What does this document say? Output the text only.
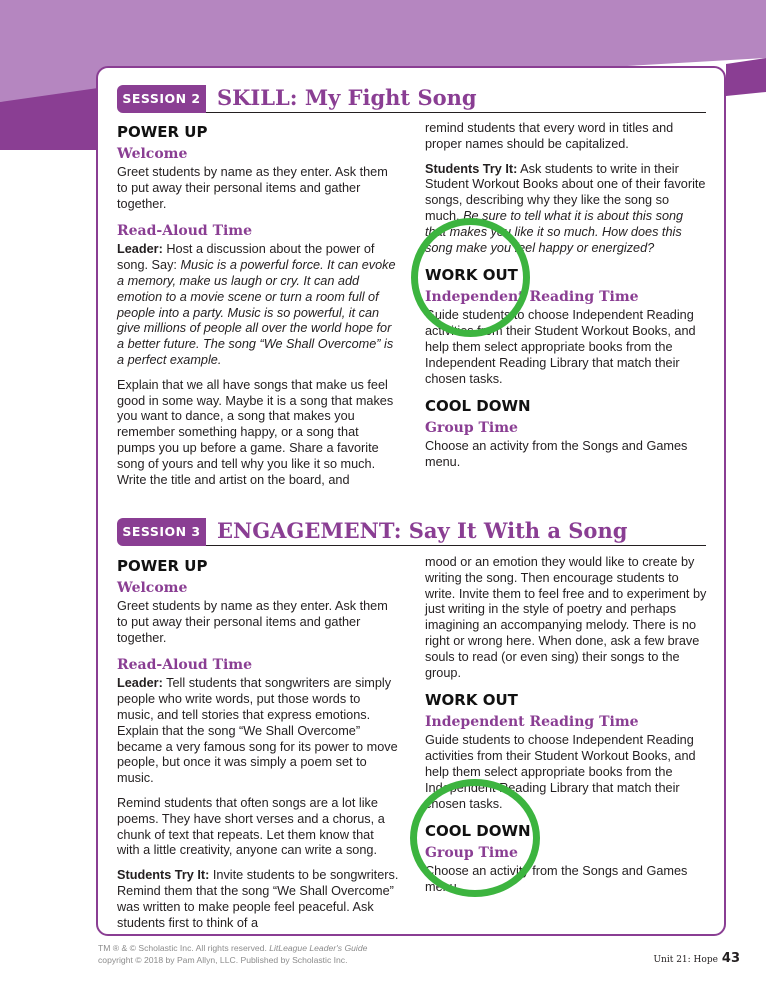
SESSION 2 SKILL: My Fight Song
POWER UP
Welcome

Greet students by name as they enter. Ask them to put away their personal items and gather together.

Read-Aloud Time

Leader: Host a discussion about the power of song. Say: Music is a powerful force. It can evoke a memory, make us laugh or cry. It can add emotion to a movie scene or turn a room full of people into a party. Music is so powerful, it can give millions of people all over the world hope for a better future. The song “We Shall Overcome” is a perfect example.

Explain that we all have songs that make us feel good in some way. Maybe it is a song that makes you want to dance, a song that makes you remember something happy, or a song that pumps you up before a game. Share a favorite song of yours and tell why you like it so much. Write the title and artist on the board, and

remind students that every word in titles and proper names should be capitalized.

Students Try It: Ask students to write in their Student Workout Books about one of their favorite songs, describing why they like the song so much. Be sure to tell what it is about this song that makes you like it so much. How does this song make you feel happy or energized?

WORK OUT
Independent Reading Time

Guide students to choose Independent Reading activities from their Student Workout Books, and help them select appropriate books from the Independent Reading Library that match their chosen tasks.

COOL DOWN
Group Time

Choose an activity from the Songs and Games menu.

SESSION 3 ENGAGEMENT: Say It With a Song
POWER UP
Welcome

Greet students by name as they enter. Ask them to put away their personal items and gather together.

Read-Aloud Time

Leader: Tell students that songwriters are simply people who write words, put those words to music, and tell stories that express emotions. Explain that the song “We Shall Overcome” became a very famous song for its power to move people, but once it was simply a poem set to music.

Remind students that often songs are a lot like poems. They have short verses and a chorus, a chunk of text that repeats. Let them know that with a little creativity, anyone can write a song.

Students Try It: Invite students to be songwriters. Remind them that the song “We Shall Overcome” was written to make people feel peaceful. Ask students first to think of a

mood or an emotion they would like to create by writing the song. Then encourage students to write. Invite them to feel free and to experiment by just writing in the style of poetry and perhaps imagining an accompanying melody. There is no right or wrong here. When done, ask a few brave souls to read (or even sing) their songs to the group.

WORK OUT
Independent Reading Time

Guide students to choose Independent Reading activities from their Student Workout Books, and help them select appropriate books from the Independent Reading Library that match their chosen tasks.

COOL DOWN
Group Time

Choose an activity from the Songs and Games menu.

TM ® & © Scholastic Inc. All rights reserved. LitLeague Leader's Guide
copyright © 2018 by Pam Allyn, LLC. Published by Scholastic Inc.	Unit 21: Hope 43
